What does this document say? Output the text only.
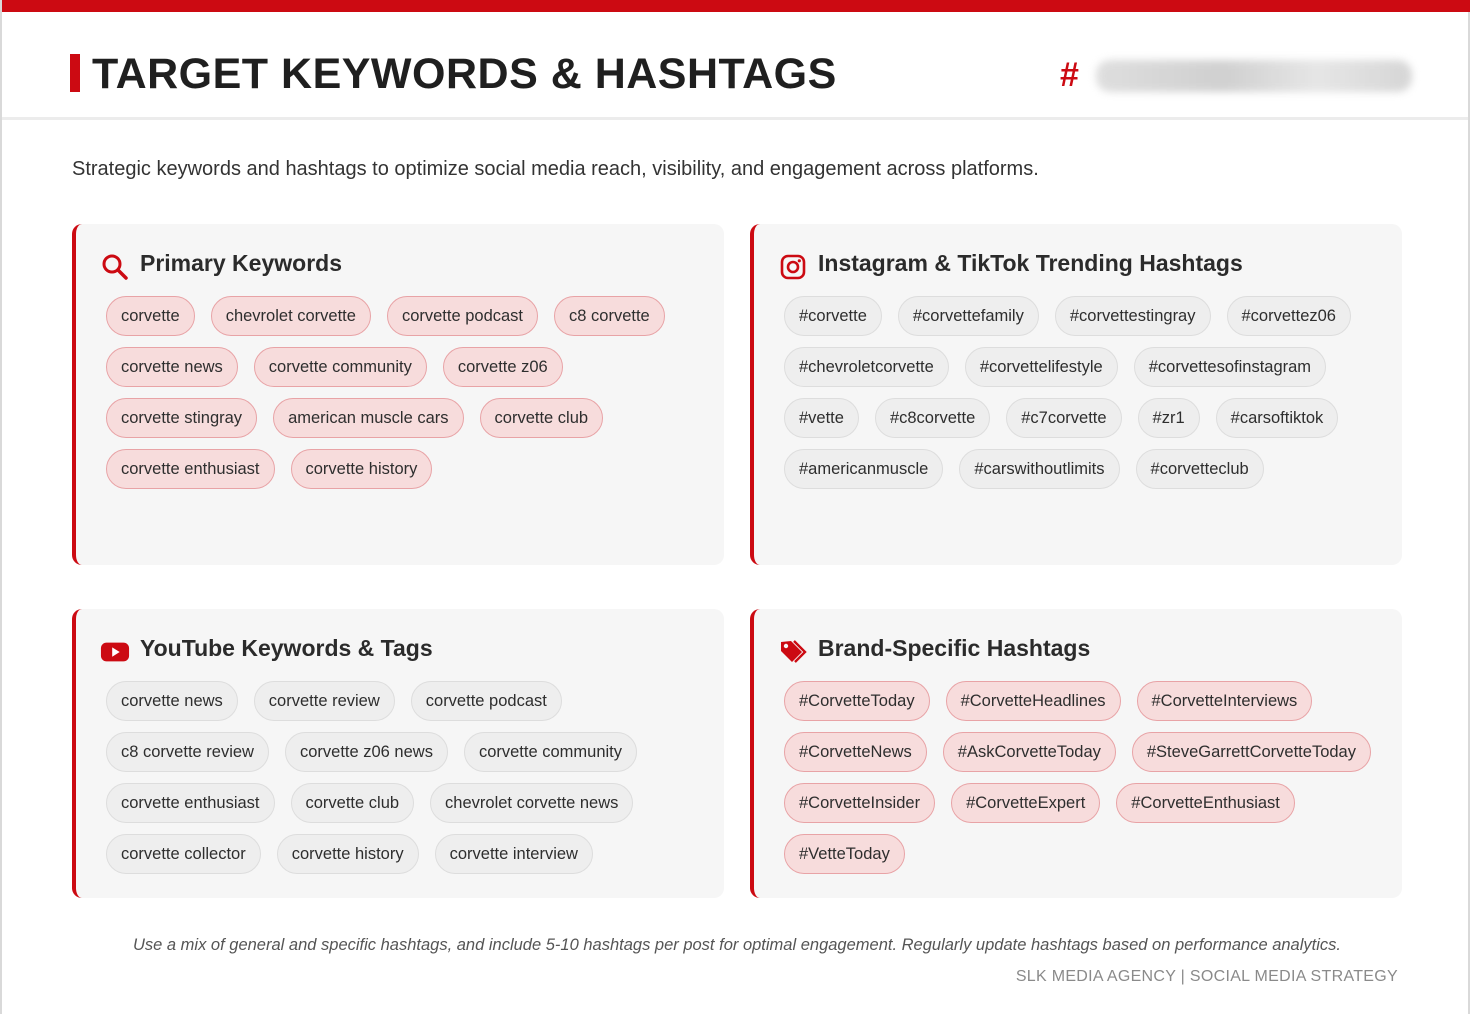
TARGET KEYWORDS & HASHTAGS	#
Strategic keywords and hashtags to optimize social media reach, visibility, and engagement across platforms.
Primary Keywords
corvette	chevrolet corvette	corvette podcast	c8 corvette
corvette news	corvette community	corvette z06
corvette stingray	american muscle cars	corvette club
corvette enthusiast	corvette history
Instagram & TikTok Trending Hashtags
#corvette	#corvettefamily	#corvettestingray	#corvettez06
#chevroletcorvette	#corvettelifestyle	#corvettesofinstagram
#vette	#c8corvette	#c7corvette	#zr1	#carsoftiktok
#americanmuscle	#carswithoutlimits	#corvetteclub
YouTube Keywords & Tags
corvette news	corvette review	corvette podcast
c8 corvette review	corvette z06 news	corvette community
corvette enthusiast	corvette club	chevrolet corvette news
corvette collector	corvette history	corvette interview
Brand-Specific Hashtags
#CorvetteToday	#CorvetteHeadlines	#CorvetteInterviews
#CorvetteNews	#AskCorvetteToday	#SteveGarrettCorvetteToday
#CorvetteInsider	#CorvetteExpert	#CorvetteEnthusiast
#VetteToday
Use a mix of general and specific hashtags, and include 5-10 hashtags per post for optimal engagement. Regularly update hashtags based on performance analytics.
SLK MEDIA AGENCY | SOCIAL MEDIA STRATEGY
